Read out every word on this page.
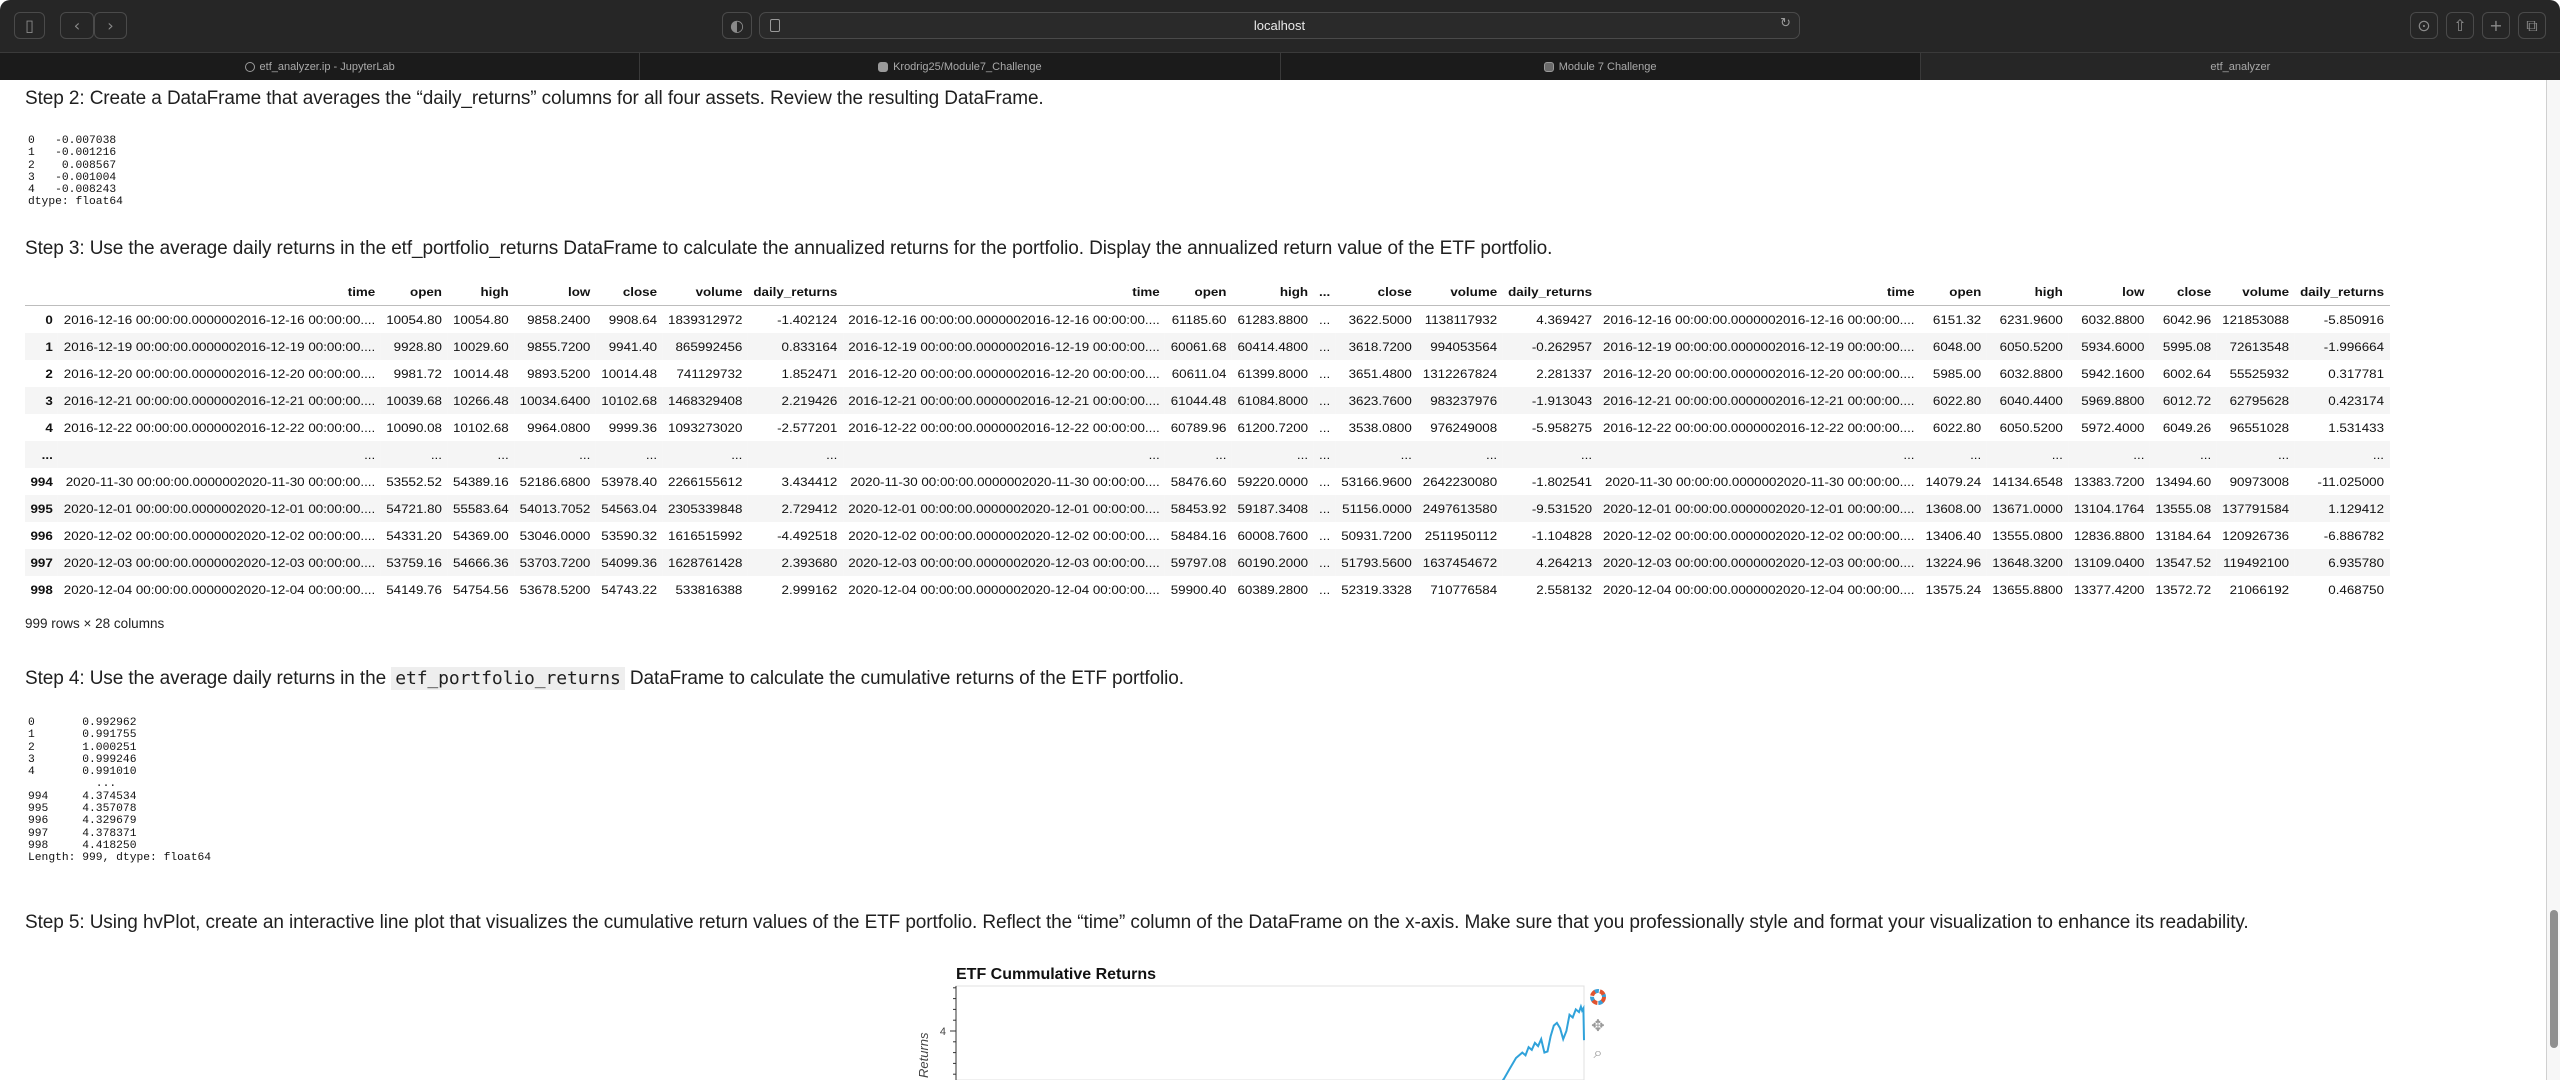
▯	‹	›	◐	localhost	↻	⊙	⇧	+	⧉
etf_analyzer.ip - JupyterLab	Krodrig25/Module7_Challenge	Module 7 Challenge	etf_analyzer
Step 2: Create a DataFrame that averages the “daily_returns” columns for all four assets. Review the resulting DataFrame.
0   -0.007038
1   -0.001216
2    0.008567
3   -0.001004
4   -0.008243
dtype: float64
Step 3: Use the average daily returns in the etf_portfolio_returns DataFrame to calculate the annualized returns for the portfolio. Display the annualized return value of the ETF portfolio.
	time	open	high	low	close	volume	daily_returns	time	open	high	...	close	volume	daily_returns	time	open	high	low	close	volume	daily_returns
0	2016-12-16 00:00:00.0000002016-12-16 00:00:00....	10054.80	10054.80	9858.2400	9908.64	1839312972	-1.402124	2016-12-16 00:00:00.0000002016-12-16 00:00:00....	61185.60	61283.8800	...	3622.5000	1138117932	4.369427	2016-12-16 00:00:00.0000002016-12-16 00:00:00....	6151.32	6231.9600	6032.8800	6042.96	121853088	-5.850916
1	2016-12-19 00:00:00.0000002016-12-19 00:00:00....	9928.80	10029.60	9855.7200	9941.40	865992456	0.833164	2016-12-19 00:00:00.0000002016-12-19 00:00:00....	60061.68	60414.4800	...	3618.7200	994053564	-0.262957	2016-12-19 00:00:00.0000002016-12-19 00:00:00....	6048.00	6050.5200	5934.6000	5995.08	72613548	-1.996664
2	2016-12-20 00:00:00.0000002016-12-20 00:00:00....	9981.72	10014.48	9893.5200	10014.48	741129732	1.852471	2016-12-20 00:00:00.0000002016-12-20 00:00:00....	60611.04	61399.8000	...	3651.4800	1312267824	2.281337	2016-12-20 00:00:00.0000002016-12-20 00:00:00....	5985.00	6032.8800	5942.1600	6002.64	55525932	0.317781
3	2016-12-21 00:00:00.0000002016-12-21 00:00:00....	10039.68	10266.48	10034.6400	10102.68	1468329408	2.219426	2016-12-21 00:00:00.0000002016-12-21 00:00:00....	61044.48	61084.8000	...	3623.7600	983237976	-1.913043	2016-12-21 00:00:00.0000002016-12-21 00:00:00....	6022.80	6040.4400	5969.8800	6012.72	62795628	0.423174
4	2016-12-22 00:00:00.0000002016-12-22 00:00:00....	10090.08	10102.68	9964.0800	9999.36	1093273020	-2.577201	2016-12-22 00:00:00.0000002016-12-22 00:00:00....	60789.96	61200.7200	...	3538.0800	976249008	-5.958275	2016-12-22 00:00:00.0000002016-12-22 00:00:00....	6022.80	6050.5200	5972.4000	6049.26	96551028	1.531433
...	...	...	...	...	...	...	...	...	...	...	...	...	...	...	...	...	...	...	...	...	...
994	2020-11-30 00:00:00.0000002020-11-30 00:00:00....	53552.52	54389.16	52186.6800	53978.40	2266155612	3.434412	2020-11-30 00:00:00.0000002020-11-30 00:00:00....	58476.60	59220.0000	...	53166.9600	2642230080	-1.802541	2020-11-30 00:00:00.0000002020-11-30 00:00:00....	14079.24	14134.6548	13383.7200	13494.60	90973008	-11.025000
995	2020-12-01 00:00:00.0000002020-12-01 00:00:00....	54721.80	55583.64	54013.7052	54563.04	2305339848	2.729412	2020-12-01 00:00:00.0000002020-12-01 00:00:00....	58453.92	59187.3408	...	51156.0000	2497613580	-9.531520	2020-12-01 00:00:00.0000002020-12-01 00:00:00....	13608.00	13671.0000	13104.1764	13555.08	137791584	1.129412
996	2020-12-02 00:00:00.0000002020-12-02 00:00:00....	54331.20	54369.00	53046.0000	53590.32	1616515992	-4.492518	2020-12-02 00:00:00.0000002020-12-02 00:00:00....	58484.16	60008.7600	...	50931.7200	2511950112	-1.104828	2020-12-02 00:00:00.0000002020-12-02 00:00:00....	13406.40	13555.0800	12836.8800	13184.64	120926736	-6.886782
997	2020-12-03 00:00:00.0000002020-12-03 00:00:00....	53759.16	54666.36	53703.7200	54099.36	1628761428	2.393680	2020-12-03 00:00:00.0000002020-12-03 00:00:00....	59797.08	60190.2000	...	51793.5600	1637454672	4.264213	2020-12-03 00:00:00.0000002020-12-03 00:00:00....	13224.96	13648.3200	13109.0400	13547.52	119492100	6.935780
998	2020-12-04 00:00:00.0000002020-12-04 00:00:00....	54149.76	54754.56	53678.5200	54743.22	533816388	2.999162	2020-12-04 00:00:00.0000002020-12-04 00:00:00....	59900.40	60389.2800	...	52319.3328	710776584	2.558132	2020-12-04 00:00:00.0000002020-12-04 00:00:00....	13575.24	13655.8800	13377.4200	13572.72	21066192	0.468750
999 rows × 28 columns
Step 4: Use the average daily returns in the etf_portfolio_returns DataFrame to calculate the cumulative returns of the ETF portfolio.
0       0.992962
1       0.991755
2       1.000251
3       0.999246
4       0.991010
...
994     4.374534
995     4.357078
996     4.329679
997     4.378371
998     4.418250
Length: 999, dtype: float64
Step 5: Using hvPlot, create an interactive line plot that visualizes the cumulative return values of the ETF portfolio. Reflect the “time” column of the DataFrame on the x-axis. Make sure that you professionally style and format your visualization to enhance its readability.
ETF Cummulative Returns
4
Returns
✥
⌕
